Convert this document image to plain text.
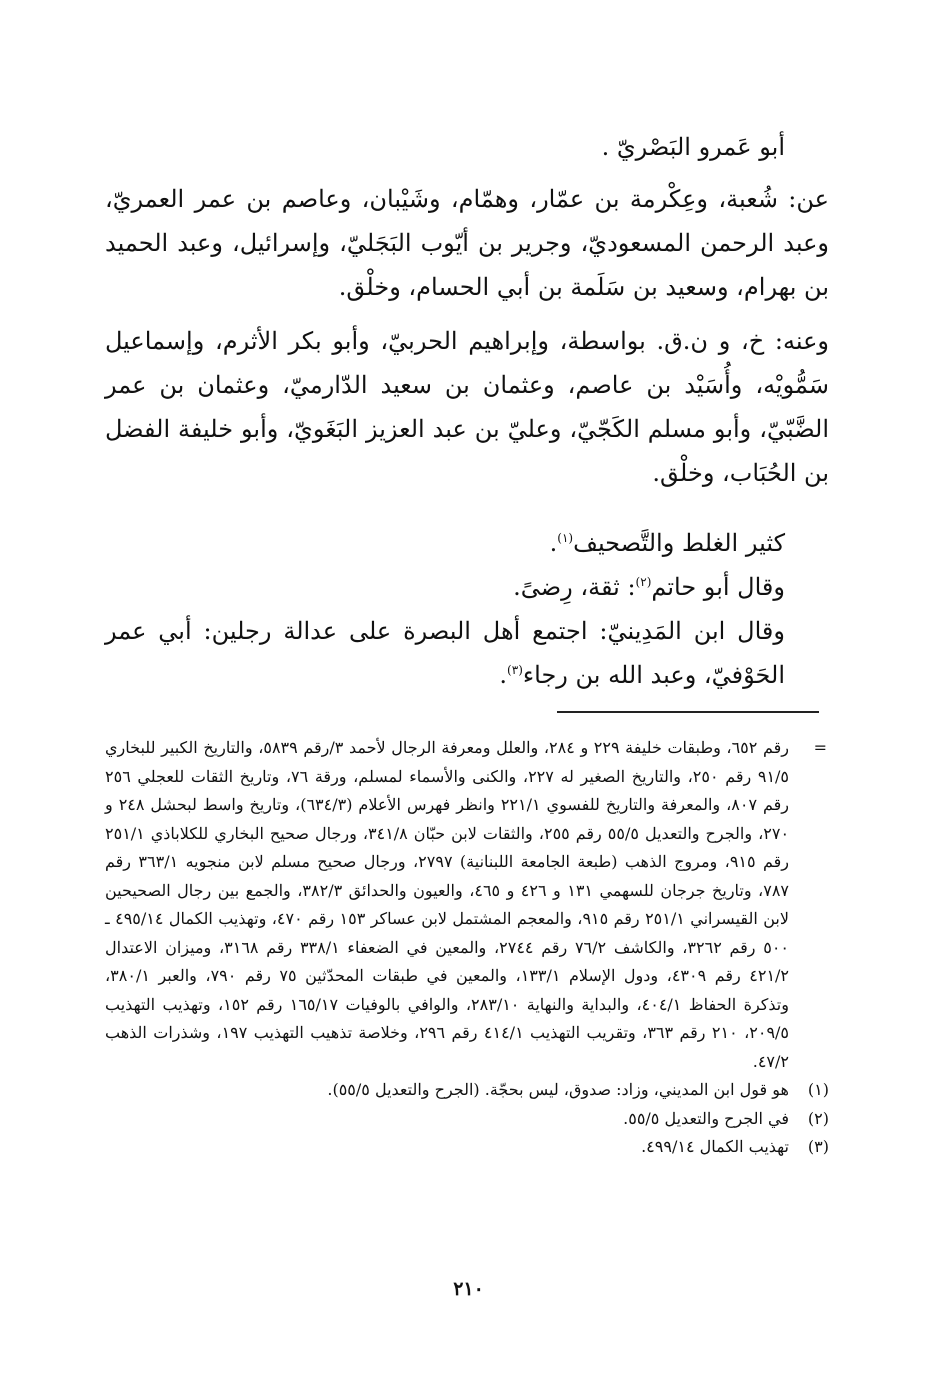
أبو عَمرو البَصْريّ .

عن: شُعبة، وعِكْرمة بن عمّار، وهمّام، وشَيْبان، وعاصم بن عمر العمريّ، وعبد الرحمن المسعوديّ، وجرير بن أيّوب البَجَليّ، وإسرائيل، وعبد الحميد بن بهرام، وسعيد بن سَلَمة بن أبي الحسام، وخلْق.

وعنه: خ، و ن.ق. بواسطة، وإبراهيم الحربيّ، وأبو بكر الأثرم، وإسماعيل سَمُّويْه، وأُسَيْد بن عاصم، وعثمان بن سعيد الدّارميّ، وعثمان بن عمر الضَّبّيّ، وأبو مسلم الكَجّيّ، وعليّ بن عبد العزيز البَغَويّ، وأبو خليفة الفضل بن الحُبَاب، وخلْق.

كثير الغلط والتَّصحيف$^{(١)}$.

وقال أبو حاتم$^{(٢)}$: ثقة، رِضىً.

وقال ابن المَدِينيّ: اجتمع أهل البصرة على عدالة رجلين: أبي عمر الحَوْفيّ، وعبد الله بن رجاء$^{(٣)}$.

=
رقم ٦٥٢، وطبقات خليفة ٢٢٩ و ٢٨٤، والعلل ومعرفة الرجال لأحمد ٣/رقم ٥٨٣٩، والتاريخ الكبير للبخاري ٩١/٥ رقم ٢٥٠، والتاريخ الصغير له ٢٢٧، والكنى والأسماء لمسلم، ورقة ٧٦، وتاريخ الثقات للعجلي ٢٥٦ رقم ٨٠٧، والمعرفة والتاريخ للفسوي ٢٢١/١ وانظر فهرس الأعلام (٦٣٤/٣)، وتاريخ واسط لبحشل ٢٤٨ و ٢٧٠، والجرح والتعديل ٥٥/٥ رقم ٢٥٥، والثقات لابن حبّان ٣٤١/٨، ورجال صحيح البخاري للكلاباذي ٢٥١/١ رقم ٩١٥، ومروج الذهب (طبعة الجامعة اللبنانية) ٢٧٩٧، ورجال صحيح مسلم لابن منجويه ٣٦٣/١ رقم ٧٨٧، وتاريخ جرجان للسهمي ١٣١ و ٤٢٦ و ٤٦٥، والعيون والحدائق ٣٨٢/٣، والجمع بين رجال الصحيحين لابن القيسراني ٢٥١/١ رقم ٩١٥، والمعجم المشتمل لابن عساكر ١٥٣ رقم ٤٧٠، وتهذيب الكمال ٤٩٥/١٤ ـ ٥٠٠ رقم ٣٢٦٢، والكاشف ٧٦/٢ رقم ٢٧٤٤، والمعين في الضعفاء ٣٣٨/١ رقم ٣١٦٨، وميزان الاعتدال ٤٢١/٢ رقم ٤٣٠٩، ودول الإسلام ١٣٣/١، والمعين في طبقات المحدّثين ٧٥ رقم ٧٩٠، والعبر ٣٨٠/١، وتذكرة الحفاظ ٤٠٤/١، والبداية والنهاية ٢٨٣/١٠، والوافي بالوفيات ١٦٥/١٧ رقم ١٥٢، وتهذيب التهذيب ٢٠٩/٥، ٢١٠ رقم ٣٦٣، وتقريب التهذيب ٤١٤/١ رقم ٢٩٦، وخلاصة تذهيب التهذيب ١٩٧، وشذرات الذهب ٤٧/٢.

(١)
هو قول ابن المديني، وزاد: صدوق، ليس بحجّة. (الجرح والتعديل ٥٥/٥).

(٢)
في الجرح والتعديل ٥٥/٥.

(٣)
تهذيب الكمال ٤٩٩/١٤.

٢١٠
